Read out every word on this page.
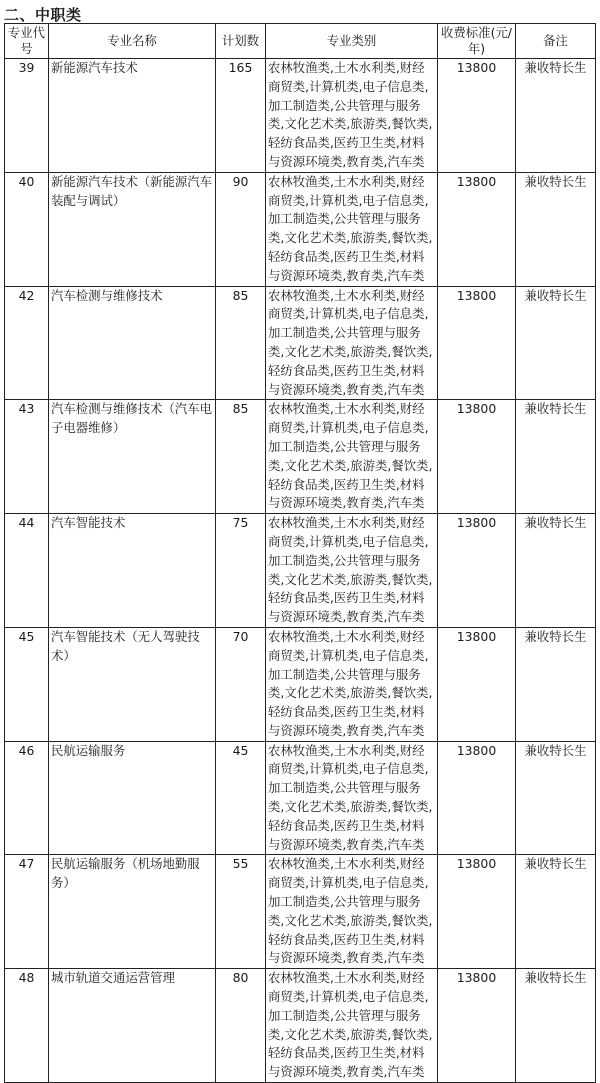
二、中职类
专业代号	专业名称	计划数	专业类别	收费标准(元/年)	备注
39	新能源汽车技术	165	农林牧渔类,土木水利类,财经商贸类,计算机类,电子信息类,加工制造类,公共管理与服务类,文化艺术类,旅游类,餐饮类,轻纺食品类,医药卫生类,材料与资源环境类,教育类,汽车类	13800	兼收特长生
40	新能源汽车技术（新能源汽车装配与调试）	90	农林牧渔类,土木水利类,财经商贸类,计算机类,电子信息类,加工制造类,公共管理与服务类,文化艺术类,旅游类,餐饮类,轻纺食品类,医药卫生类,材料与资源环境类,教育类,汽车类	13800	兼收特长生
42	汽车检测与维修技术	85	农林牧渔类,土木水利类,财经商贸类,计算机类,电子信息类,加工制造类,公共管理与服务类,文化艺术类,旅游类,餐饮类,轻纺食品类,医药卫生类,材料与资源环境类,教育类,汽车类	13800	兼收特长生
43	汽车检测与维修技术（汽车电子电器维修）	85	农林牧渔类,土木水利类,财经商贸类,计算机类,电子信息类,加工制造类,公共管理与服务类,文化艺术类,旅游类,餐饮类,轻纺食品类,医药卫生类,材料与资源环境类,教育类,汽车类	13800	兼收特长生
44	汽车智能技术	75	农林牧渔类,土木水利类,财经商贸类,计算机类,电子信息类,加工制造类,公共管理与服务类,文化艺术类,旅游类,餐饮类,轻纺食品类,医药卫生类,材料与资源环境类,教育类,汽车类	13800	兼收特长生
45	汽车智能技术（无人驾驶技术）	70	农林牧渔类,土木水利类,财经商贸类,计算机类,电子信息类,加工制造类,公共管理与服务类,文化艺术类,旅游类,餐饮类,轻纺食品类,医药卫生类,材料与资源环境类,教育类,汽车类	13800	兼收特长生
46	民航运输服务	45	农林牧渔类,土木水利类,财经商贸类,计算机类,电子信息类,加工制造类,公共管理与服务类,文化艺术类,旅游类,餐饮类,轻纺食品类,医药卫生类,材料与资源环境类,教育类,汽车类	13800	兼收特长生
47	民航运输服务（机场地勤服务）	55	农林牧渔类,土木水利类,财经商贸类,计算机类,电子信息类,加工制造类,公共管理与服务类,文化艺术类,旅游类,餐饮类,轻纺食品类,医药卫生类,材料与资源环境类,教育类,汽车类	13800	兼收特长生
48	城市轨道交通运营管理	80	农林牧渔类,土木水利类,财经商贸类,计算机类,电子信息类,加工制造类,公共管理与服务类,文化艺术类,旅游类,餐饮类,轻纺食品类,医药卫生类,材料与资源环境类,教育类,汽车类	13800	兼收特长生
